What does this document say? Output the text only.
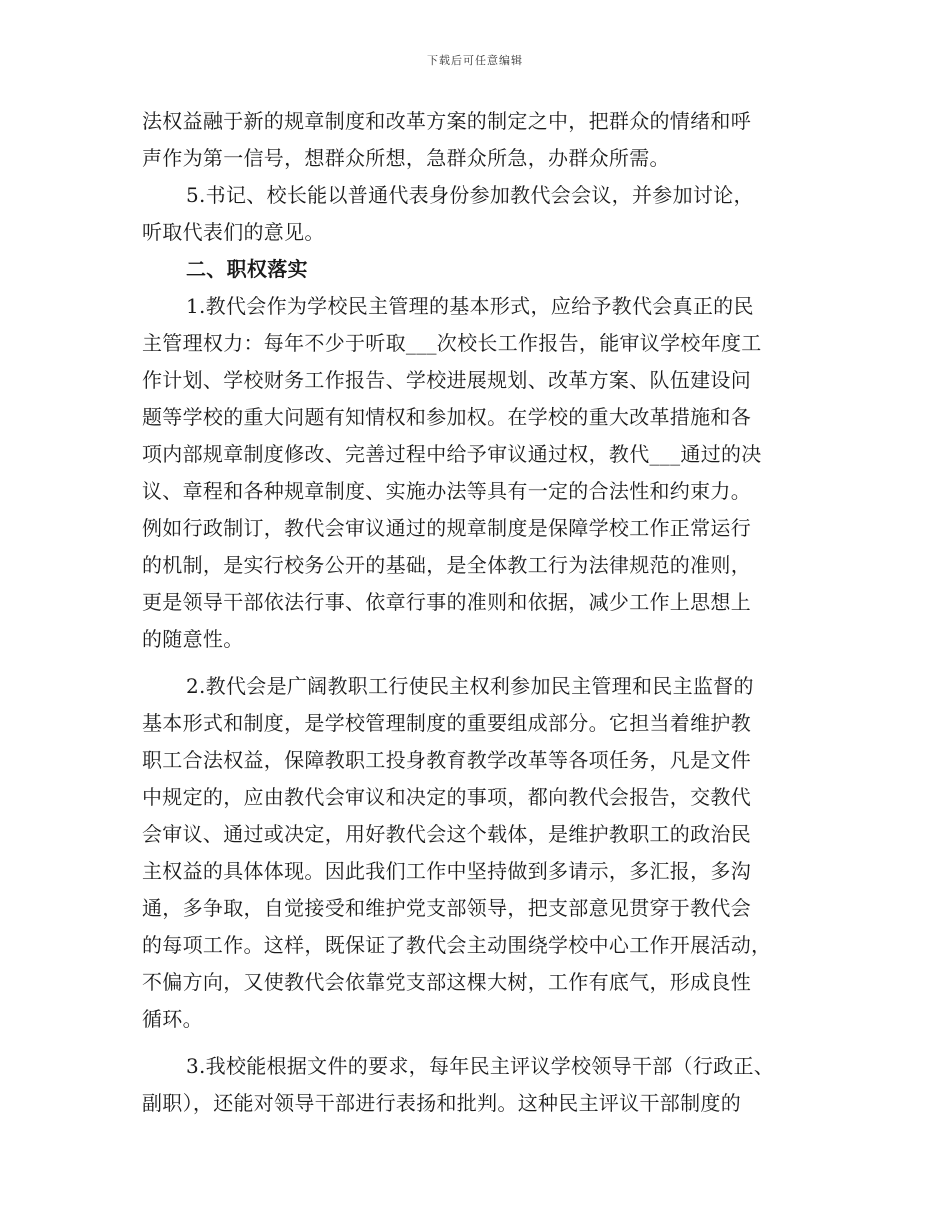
下载后可任意编辑
法权益融于新的规章制度和改革方案的制定之中，把群众的情绪和呼
声作为第一信号，想群众所想，急群众所急，办群众所需。
5.书记、校长能以普通代表身份参加教代会会议，并参加讨论，
听取代表们的意见。
二、职权落实
1.教代会作为学校民主管理的基本形式，应给予教代会真正的民
主管理权力：每年不少于听取___次校长工作报告，能审议学校年度工
作计划、学校财务工作报告、学校进展规划、改革方案、队伍建设问
题等学校的重大问题有知情权和参加权。在学校的重大改革措施和各
项内部规章制度修改、完善过程中给予审议通过权，教代___通过的决
议、章程和各种规章制度、实施办法等具有一定的合法性和约束力。
例如行政制订，教代会审议通过的规章制度是保障学校工作正常运行
的机制，是实行校务公开的基础，是全体教工行为法律规范的准则，
更是领导干部依法行事、依章行事的准则和依据，减少工作上思想上
的随意性。
2.教代会是广阔教职工行使民主权利参加民主管理和民主监督的
基本形式和制度，是学校管理制度的重要组成部分。它担当着维护教
职工合法权益，保障教职工投身教育教学改革等各项任务，凡是文件
中规定的，应由教代会审议和决定的事项，都向教代会报告，交教代
会审议、通过或决定，用好教代会这个载体，是维护教职工的政治民
主权益的具体体现。因此我们工作中坚持做到多请示，多汇报，多沟
通，多争取，自觉接受和维护党支部领导，把支部意见贯穿于教代会
的每项工作。这样，既保证了教代会主动围绕学校中心工作开展活动，
不偏方向，又使教代会依靠党支部这棵大树，工作有底气，形成良性
循环。
3.我校能根据文件的要求，每年民主评议学校领导干部（行政正、
副职），还能对领导干部进行表扬和批判。这种民主评议干部制度的
